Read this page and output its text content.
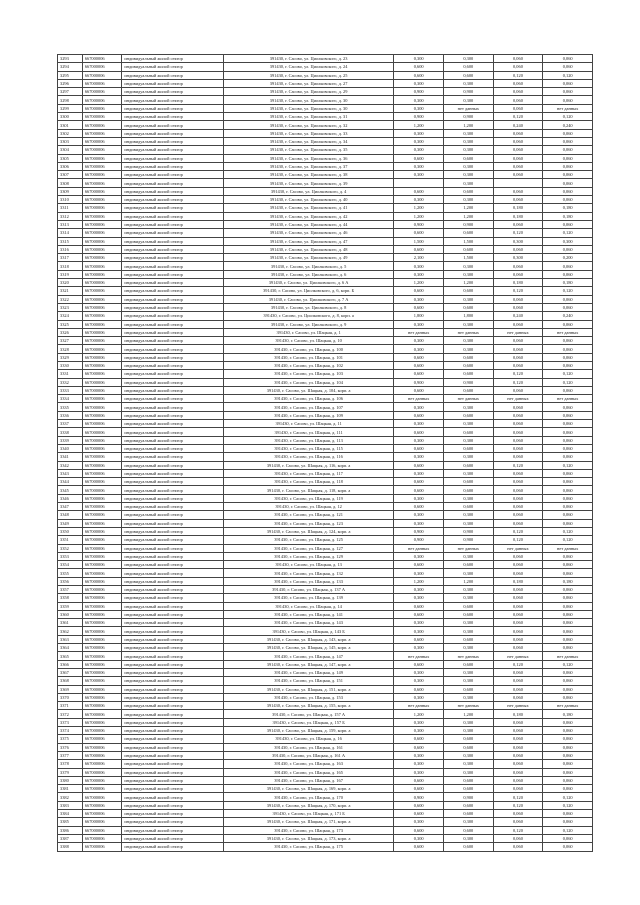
3293	667000006	индивидуальный жилой сектор	391430, г. Сасово, ул. Циолковского, д. 23	0,300	0,300	0,060	0,060
3294	667000006	индивидуальный жилой сектор	391430, г. Сасово, ул. Циолковского, д. 24	0,600	0,600	0,060	0,060
3295	667000006	индивидуальный жилой сектор	391430, г. Сасово, ул. Циолковского, д. 25	0,600	0,600	0,120	0,120
3296	667000006	индивидуальный жилой сектор	391430, г. Сасово, ул. Циолковского, д. 27	0,300	0,300	0,060	0,060
3297	667000006	индивидуальный жилой сектор	391430, г. Сасово, ул. Циолковского, д. 29	0,900	0,900	0,060	0,060
3298	667000006	индивидуальный жилой сектор	391430, г. Сасово, ул. Циолковского, д. 30	0,300	0,300	0,060	0,060
3299	667000006	индивидуальный жилой сектор	391430, г. Сасово, ул. Циолковского, д. 30	0,300	нет данных	0,060	нет данных
3300	667000006	индивидуальный жилой сектор	391430, г. Сасово, ул. Циолковского, д. 31	0,900	0,900	0,120	0,120
3301	667000006	индивидуальный жилой сектор	391430, г. Сасово, ул. Циолковского, д. 32	1,200	1,200	0,240	0,240
3302	667000006	индивидуальный жилой сектор	391430, г. Сасово, ул. Циолковского, д. 33	0,300	0,300	0,060	0,060
3303	667000006	индивидуальный жилой сектор	391430, г. Сасово, ул. Циолковского, д. 34	0,300	0,300	0,060	0,060
3304	667000006	индивидуальный жилой сектор	391430, г. Сасово, ул. Циолковского, д. 35	0,300	0,300	0,060	0,060
3305	667000006	индивидуальный жилой сектор	391430, г. Сасово, ул. Циолковского, д. 36	0,600	0,600	0,060	0,060
3306	667000006	индивидуальный жилой сектор	391430, г. Сасово, ул. Циолковского, д. 37	0,300	0,300	0,060	0,060
3307	667000006	индивидуальный жилой сектор	391430, г. Сасово, ул. Циолковского, д. 38	0,300	0,300	0,060	0,060
3308	667000006	индивидуальный жилой сектор	391430, г. Сасово, ул. Циолковского, д. 39		0,300		0,060
3309	667000006	индивидуальный жилой сектор	391430, г. Сасово, ул. Циолковского, д. 4	0,600	0,600	0,060	0,060
3310	667000006	индивидуальный жилой сектор	391430, г. Сасово, ул. Циолковского, д. 40	0,300	0,300	0,060	0,060
3311	667000006	индивидуальный жилой сектор	391430, г. Сасово, ул. Циолковского, д. 41	1,200	1,200	0,180	0,180
3312	667000006	индивидуальный жилой сектор	391430, г. Сасово, ул. Циолковского, д. 42	1,200	1,200	0,180	0,180
3313	667000006	индивидуальный жилой сектор	391430, г. Сасово, ул. Циолковского, д. 44	0,900	0,900	0,060	0,060
3314	667000006	индивидуальный жилой сектор	391430, г. Сасово, ул. Циолковского, д. 46	0,600	0,600	0,120	0,120
3315	667000006	индивидуальный жилой сектор	391430, г. Сасово, ул. Циолковского, д. 47	1,500	1,500	0,300	0,300
3316	667000006	индивидуальный жилой сектор	391430, г. Сасово, ул. Циолковского, д. 48	0,600	0,600	0,060	0,060
3317	667000006	индивидуальный жилой сектор	391430, г. Сасово, ул. Циолковского, д. 49	2,100	1,500	0,300	0,200
3318	667000006	индивидуальный жилой сектор	391430, г. Сасово, ул. Циолковского, д. 5	0,300	0,300	0,060	0,060
3319	667000006	индивидуальный жилой сектор	391430, г. Сасово, ул. Циолковского, д. 6	0,300	0,300	0,060	0,060
3320	667000006	индивидуальный жилой сектор	391430, г. Сасово, ул. Циолковского, д. 6 А	1,200	1,200	0,180	0,180
3321	667000006	индивидуальный жилой сектор	391430, г. Сасово, ул. Циолковского, д. 6, корп. Б	0,600	0,600	0,120	0,120
3322	667000006	индивидуальный жилой сектор	391430, г. Сасово, ул. Циолковского, д. 7 А	0,300	0,300	0,060	0,060
3323	667000006	индивидуальный жилой сектор	391430, г. Сасово, ул. Циолковского, д. 8	0,600	0,600	0,060	0,060
3324	667000006	индивидуальный жилой сектор	391430, г. Сасово, ул. Циолковского, д. 8, корп. а	1,800	1,800	0,240	0,240
3325	667000006	индивидуальный жилой сектор	391430, г. Сасово, ул. Циолковского, д. 9	0,300	0,300	0,060	0,060
3326	667000006	индивидуальный жилой сектор	391430, г. Сасово, ул. Шацкая, д. 1	нет данных	нет данных	нет данных	нет данных
3327	667000006	индивидуальный жилой сектор	391430, г. Сасово, ул. Шацкая, д. 10	0,300	0,300	0,060	0,060
3328	667000006	индивидуальный жилой сектор	391430, г. Сасово, ул. Шацкая, д. 100	0,300	0,300	0,060	0,060
3329	667000006	индивидуальный жилой сектор	391430, г. Сасово, ул. Шацкая, д. 101	0,600	0,600	0,060	0,060
3330	667000006	индивидуальный жилой сектор	391430, г. Сасово, ул. Шацкая, д. 102	0,600	0,600	0,060	0,060
3331	667000006	индивидуальный жилой сектор	391430, г. Сасово, ул. Шацкая, д. 103	0,600	0,600	0,120	0,120
3332	667000006	индивидуальный жилой сектор	391430, г. Сасово, ул. Шацкая, д. 104	0,900	0,900	0,120	0,120
3333	667000006	индивидуальный жилой сектор	391430, г. Сасово, ул. Шацкая, д. 104, корп. а	0,600	0,600	0,060	0,060
3334	667000006	индивидуальный жилой сектор	391430, г. Сасово, ул. Шацкая, д. 106	нет данных	нет данных	нет данных	нет данных
3335	667000006	индивидуальный жилой сектор	391430, г. Сасово, ул. Шацкая, д. 107	0,300	0,300	0,060	0,060
3336	667000006	индивидуальный жилой сектор	391430, г. Сасово, ул. Шацкая, д. 109	0,600	0,600	0,060	0,060
3337	667000006	индивидуальный жилой сектор	391430, г. Сасово, ул. Шацкая, д. 11	0,300	0,300	0,060	0,060
3338	667000006	индивидуальный жилой сектор	391430, г. Сасово, ул. Шацкая, д. 111	0,600	0,600	0,060	0,060
3339	667000006	индивидуальный жилой сектор	391430, г. Сасово, ул. Шацкая, д. 113	0,300	0,300	0,060	0,060
3340	667000006	индивидуальный жилой сектор	391430, г. Сасово, ул. Шацкая, д. 115	0,600	0,600	0,060	0,060
3341	667000006	индивидуальный жилой сектор	391430, г. Сасово, ул. Шацкая, д. 116	0,300	0,300	0,060	0,060
3342	667000006	индивидуальный жилой сектор	391430, г. Сасово, ул. Шацкая, д. 116, корп. а	0,600	0,600	0,120	0,120
3343	667000006	индивидуальный жилой сектор	391430, г. Сасово, ул. Шацкая, д. 117	0,300	0,300	0,060	0,060
3344	667000006	индивидуальный жилой сектор	391430, г. Сасово, ул. Шацкая, д. 118	0,600	0,600	0,060	0,060
3345	667000006	индивидуальный жилой сектор	391430, г. Сасово, ул. Шацкая, д. 118, корп. а	0,600	0,600	0,060	0,060
3346	667000006	индивидуальный жилой сектор	391430, г. Сасово, ул. Шацкая, д. 119	0,300	0,300	0,060	0,060
3347	667000006	индивидуальный жилой сектор	391430, г. Сасово, ул. Шацкая, д. 12	0,600	0,600	0,060	0,060
3348	667000006	индивидуальный жилой сектор	391430, г. Сасово, ул. Шацкая, д. 121	0,300	0,300	0,060	0,060
3349	667000006	индивидуальный жилой сектор	391430, г. Сасово, ул. Шацкая, д. 123	0,300	0,300	0,060	0,060
3350	667000006	индивидуальный жилой сектор	391430, г. Сасово, ул. Шацкая, д. 124, корп. а	0,900	0,900	0,120	0,120
3351	667000006	индивидуальный жилой сектор	391430, г. Сасово, ул. Шацкая, д. 125	0,900	0,900	0,120	0,120
3352	667000006	индивидуальный жилой сектор	391430, г. Сасово, ул. Шацкая, д. 127	нет данных	нет данных	нет данных	нет данных
3353	667000006	индивидуальный жилой сектор	391430, г. Сасово, ул. Шацкая, д. 129	0,300	0,300	0,060	0,060
3354	667000006	индивидуальный жилой сектор	391430, г. Сасово, ул. Шацкая, д. 13	0,600	0,600	0,060	0,060
3355	667000006	индивидуальный жилой сектор	391430, г. Сасово, ул. Шацкая, д. 132	0,300	0,300	0,060	0,060
3356	667000006	индивидуальный жилой сектор	391430, г. Сасово, ул. Шацкая, д. 133	1,200	1,200	0,180	0,180
3357	667000006	индивидуальный жилой сектор	391430, г. Сасово, ул. Шацкая, д. 137 А	0,300	0,300	0,060	0,060
3358	667000006	индивидуальный жилой сектор	391430, г. Сасово, ул. Шацкая, д. 139	0,300	0,300	0,060	0,060
3359	667000006	индивидуальный жилой сектор	391430, г. Сасово, ул. Шацкая, д. 14	0,600	0,600	0,060	0,060
3360	667000006	индивидуальный жилой сектор	391430, г. Сасово, ул. Шацкая, д. 141	0,600	0,600	0,060	0,060
3361	667000006	индивидуальный жилой сектор	391430, г. Сасово, ул. Шацкая, д. 143	0,300	0,300	0,060	0,060
3362	667000006	индивидуальный жилой сектор	391430, г. Сасово, ул. Шацкая, д. 143 Б	0,300	0,300	0,060	0,060
3363	667000006	индивидуальный жилой сектор	391430, г. Сасово, ул. Шацкая, д. 143, корп. а	0,600	0,600	0,060	0,060
3364	667000006	индивидуальный жилой сектор	391430, г. Сасово, ул. Шацкая, д. 145, корп. а	0,300	0,300	0,060	0,060
3365	667000006	индивидуальный жилой сектор	391430, г. Сасово, ул. Шацкая, д. 147	нет данных	нет данных	нет данных	нет данных
3366	667000006	индивидуальный жилой сектор	391430, г. Сасово, ул. Шацкая, д. 147, корп. а	0,600	0,600	0,120	0,120
3367	667000006	индивидуальный жилой сектор	391430, г. Сасово, ул. Шацкая, д. 149	0,300	0,300	0,060	0,060
3368	667000006	индивидуальный жилой сектор	391430, г. Сасово, ул. Шацкая, д. 151	0,300	0,300	0,060	0,060
3369	667000006	индивидуальный жилой сектор	391430, г. Сасово, ул. Шацкая, д. 151, корп. а	0,600	0,600	0,060	0,060
3370	667000006	индивидуальный жилой сектор	391430, г. Сасово, ул. Шацкая, д. 153	0,300	0,300	0,060	0,060
3371	667000006	индивидуальный жилой сектор	391430, г. Сасово, ул. Шацкая, д. 155, корп. а	нет данных	нет данных	нет данных	нет данных
3372	667000006	индивидуальный жилой сектор	391430, г. Сасово, ул. Шацкая, д. 157 А	1,200	1,200	0,180	0,180
3373	667000006	индивидуальный жилой сектор	391430, г. Сасово, ул. Шацкая, д. 157 Б	0,300	0,300	0,060	0,060
3374	667000006	индивидуальный жилой сектор	391430, г. Сасово, ул. Шацкая, д. 159, корп. а	0,300	0,300	0,060	0,060
3375	667000006	индивидуальный жилой сектор	391430, г. Сасово, ул. Шацкая, д. 16	0,600	0,600	0,060	0,060
3376	667000006	индивидуальный жилой сектор	391430, г. Сасово, ул. Шацкая, д. 161	0,600	0,600	0,060	0,060
3377	667000006	индивидуальный жилой сектор	391430, г. Сасово, ул. Шацкая, д. 161 А	0,300	0,300	0,060	0,060
3378	667000006	индивидуальный жилой сектор	391430, г. Сасово, ул. Шацкая, д. 163	0,300	0,300	0,060	0,060
3379	667000006	индивидуальный жилой сектор	391430, г. Сасово, ул. Шацкая, д. 165	0,300	0,300	0,060	0,060
3380	667000006	индивидуальный жилой сектор	391430, г. Сасово, ул. Шацкая, д. 167	0,600	0,600	0,060	0,060
3381	667000006	индивидуальный жилой сектор	391430, г. Сасово, ул. Шацкая, д. 169, корп. а	0,600	0,600	0,060	0,060
3382	667000006	индивидуальный жилой сектор	391430, г. Сасово, ул. Шацкая, д. 170	0,900	0,900	0,120	0,120
3383	667000006	индивидуальный жилой сектор	391430, г. Сасово, ул. Шацкая, д. 170, корп. а	0,600	0,600	0,120	0,120
3384	667000006	индивидуальный жилой сектор	391430, г. Сасово, ул. Шацкая, д. 171 Б	0,600	0,600	0,060	0,060
3385	667000006	индивидуальный жилой сектор	391430, г. Сасово, ул. Шацкая, д. 171, корп. а	0,300	0,300	0,060	0,060
3386	667000006	индивидуальный жилой сектор	391430, г. Сасово, ул. Шацкая, д. 173	0,600	0,600	0,120	0,120
3387	667000006	индивидуальный жилой сектор	391430, г. Сасово, ул. Шацкая, д. 173, корп. а	0,300	0,300	0,060	0,060
3388	667000006	индивидуальный жилой сектор	391430, г. Сасово, ул. Шацкая, д. 175	0,600	0,600	0,060	0,060
